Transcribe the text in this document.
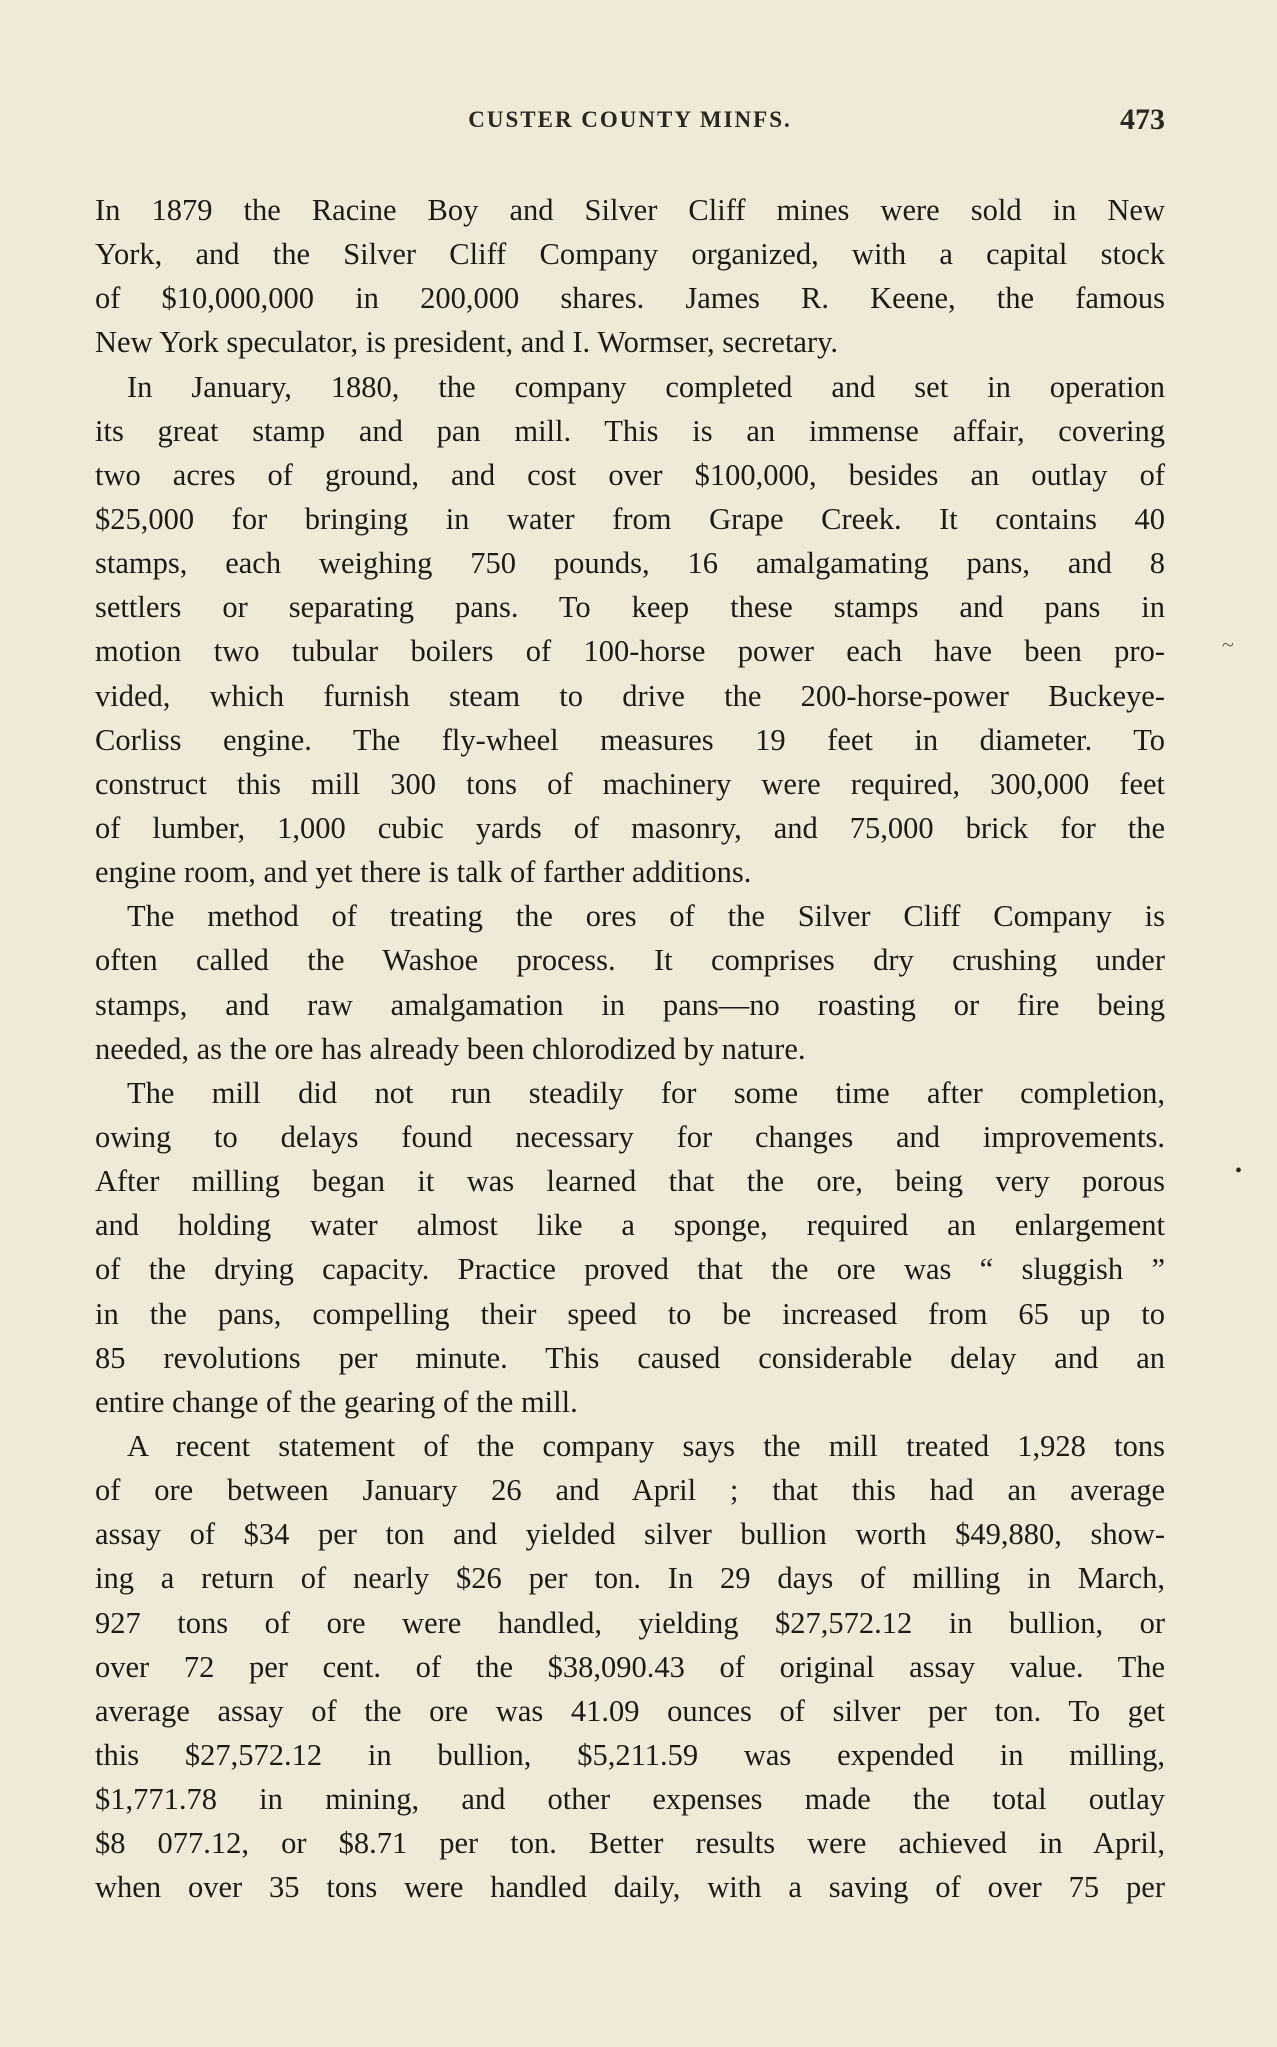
CUSTER COUNTY MINFS.	473
In 1879 the Racine Boy and Silver Cliff mines were sold in New
York, and the Silver Cliff Company organized, with a capital stock
of $10,000,000 in 200,000 shares. James R. Keene, the famous
New York speculator, is president, and I. Wormser, secretary.
In January, 1880, the company completed and set in operation
its great stamp and pan mill. This is an immense affair, covering
two acres of ground, and cost over $100,000, besides an outlay of
$25,000 for bringing in water from Grape Creek. It contains 40
stamps, each weighing 750 pounds, 16 amalgamating pans, and 8
settlers or separating pans. To keep these stamps and pans in
motion two tubular boilers of 100-horse power each have been pro-
vided, which furnish steam to drive the 200-horse-power Buckeye-
Corliss engine. The fly-wheel measures 19 feet in diameter. To
construct this mill 300 tons of machinery were required, 300,000 feet
of lumber, 1,000 cubic yards of masonry, and 75,000 brick for the
engine room, and yet there is talk of farther additions.
The method of treating the ores of the Silver Cliff Company is
often called the Washoe process. It comprises dry crushing under
stamps, and raw amalgamation in pans—no roasting or fire being
needed, as the ore has already been chlorodized by nature.
The mill did not run steadily for some time after completion,
owing to delays found necessary for changes and improvements.
After milling began it was learned that the ore, being very porous
and holding water almost like a sponge, required an enlargement
of the drying capacity. Practice proved that the ore was “ sluggish ”
in the pans, compelling their speed to be increased from 65 up to
85 revolutions per minute. This caused considerable delay and an
entire change of the gearing of the mill.
A recent statement of the company says the mill treated 1,928 tons
of ore between January 26 and April ; that this had an average
assay of $34 per ton and yielded silver bullion worth $49,880, show-
ing a return of nearly $26 per ton. In 29 days of milling in March,
927 tons of ore were handled, yielding $27,572.12 in bullion, or
over 72 per cent. of the $38,090.43 of original assay value. The
average assay of the ore was 41.09 ounces of silver per ton. To get
this $27,572.12 in bullion, $5,211.59 was expended in milling,
$1,771.78 in mining, and other expenses made the total outlay
$8 077.12, or $8.71 per ton. Better results were achieved in April,
when over 35 tons were handled daily, with a saving of over 75 per
~
•
